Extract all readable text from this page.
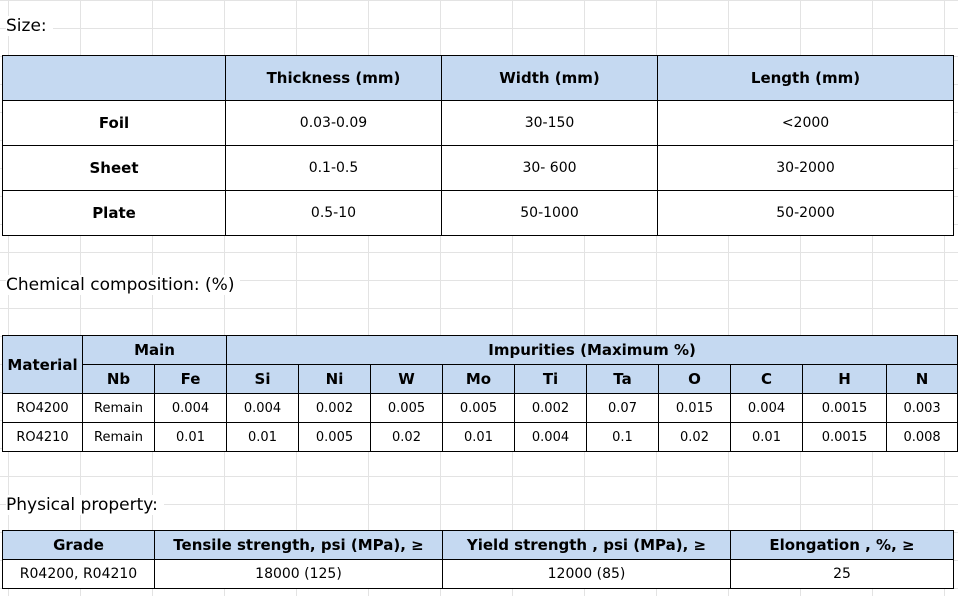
Size:
	Thickness (mm)	Width (mm)	Length (mm)
Foil	0.03-0.09	30-150	<2000
Sheet	0.1-0.5	30- 600	30-2000
Plate	0.5-10	50-1000	50-2000
Chemical composition: (%)
Material	Main		Impurities (Maximum %)									
	Nb	Fe	Si	Ni	W	Mo	Ti	Ta	O	C	H	N
RO4200	Remain	0.004	0.004	0.002	0.005	0.005	0.002	0.07	0.015	0.004	0.0015	0.003
RO4210	Remain	0.01	0.01	0.005	0.02	0.01	0.004	0.1	0.02	0.01	0.0015	0.008
Physical property:
Grade	Tensile strength, psi (MPa), ≥	Yield strength , psi (MPa), ≥	Elongation , %, ≥
R04200, R04210	18000 (125)	12000 (85)	25
